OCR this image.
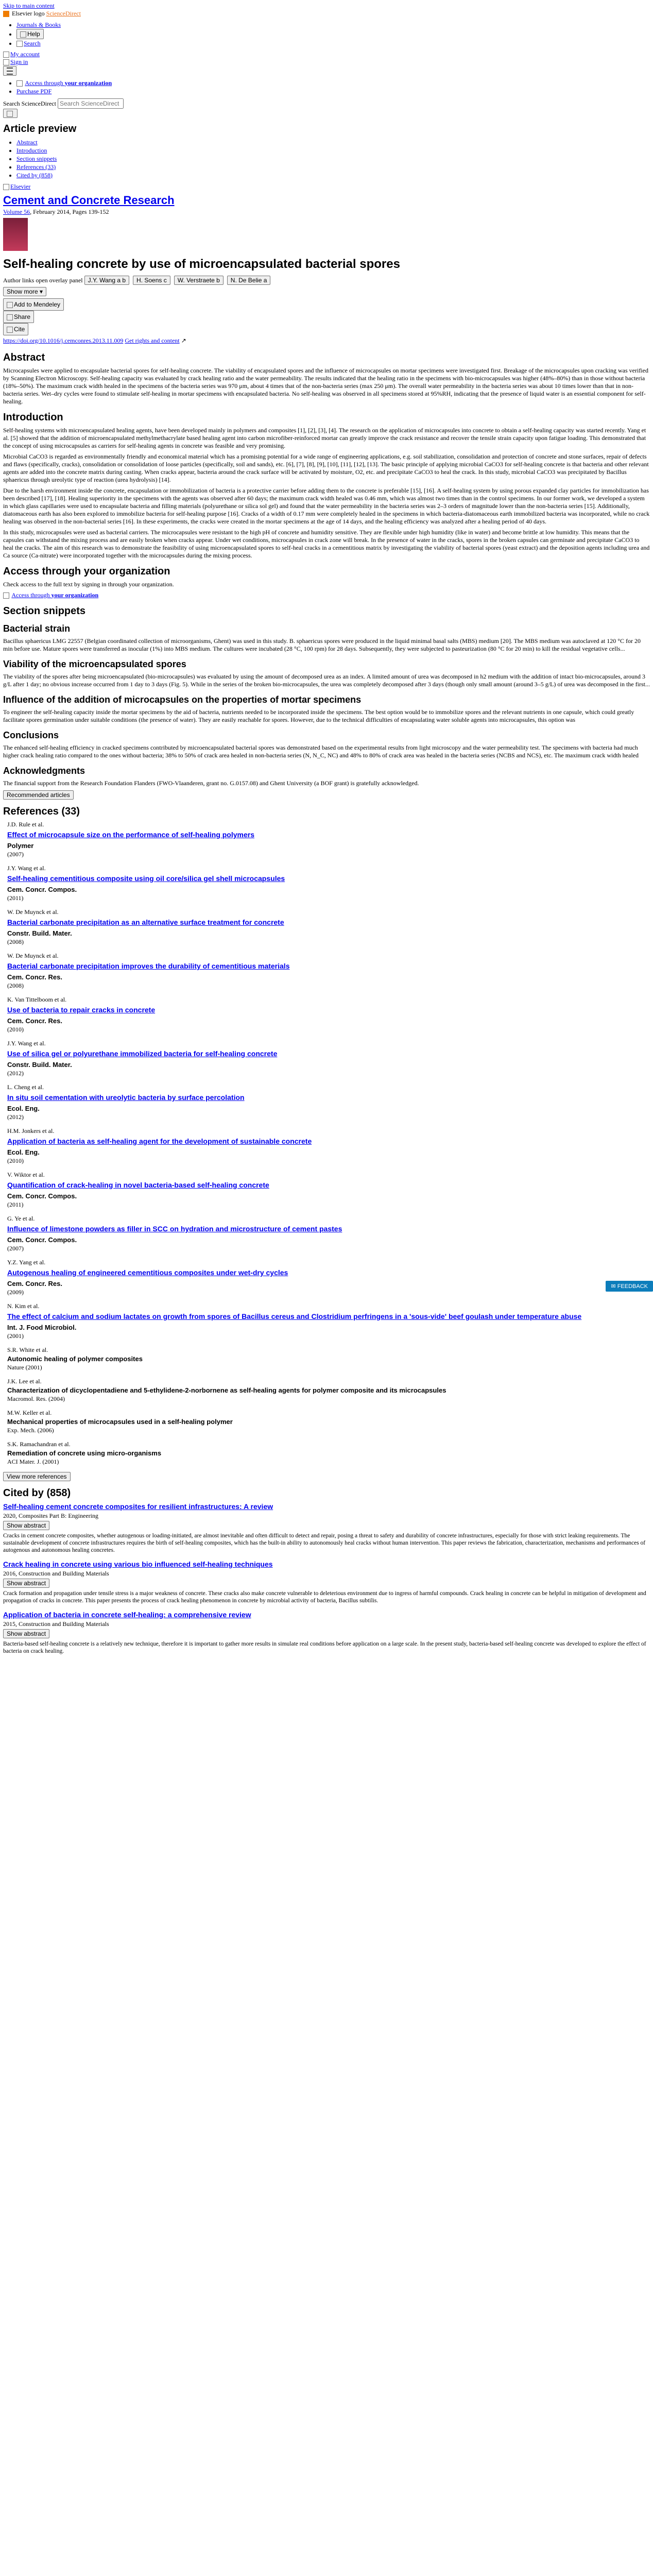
Skip to main content
Elsevier logo ScienceDirect
• Journals & Books
• Help
• Search
My account
Sign in

• Access through your organization
• Purchase PDF
Search ScienceDirect Search ScienceDirect

Article preview
• Abstract
• Introduction
• Section snippets
• References (33)
• Cited by (858)
Elsevier
Cement and Concrete Research
Volume 56, February 2014, Pages 139-152
Self-healing concrete by use of microencapsulated bacterial spores
Author links open overlay panel J.Y. Wang a b H. Soens c W. Verstraete b N. De Belie a
Show more ▾
Add to Mendeley
Share
Cite
https://doi.org/10.1016/j.cemconres.2013.11.009 Get rights and content ↗
Abstract

Microcapsules were applied to encapsulate bacterial spores for self-healing concrete. The viability of encapsulated spores and the influence of microcapsules on mortar specimens were investigated first. Breakage of the microcapsules upon cracking was verified by Scanning Electron Microscopy. Self-healing capacity was evaluated by crack healing ratio and the water permeability. The results indicated that the healing ratio in the specimens with bio-microcapsules was higher (48%–80%) than in those without bacteria (18%–50%). The maximum crack width healed in the specimens of the bacteria series was 970 μm, about 4 times that of the non-bacteria series (max 250 μm). The overall water permeability in the bacteria series was about 10 times lower than that in non-bacteria series. Wet–dry cycles were found to stimulate self-healing in mortar specimens with encapsulated bacteria. No self-healing was observed in all specimens stored at 95%RH, indicating that the presence of liquid water is an essential component for self-healing.

Introduction

Self-healing systems with microencapsulated healing agents, have been developed mainly in polymers and composites [1], [2], [3], [4]. The research on the application of microcapsules into concrete to obtain a self-healing capacity was started recently. Yang et al. [5] showed that the addition of microencapsulated methylmethacrylate based healing agent into carbon microfiber-reinforced mortar can greatly improve the crack resistance and recover the tensile strain capacity upon fatigue loading. This demonstrated that the concept of using microcapsules as carriers for self-healing agents in concrete was feasible and very promising.

Microbial CaCO3 is regarded as environmentally friendly and economical material which has a promising potential for a wide range of engineering applications, e.g. soil stabilization, consolidation and protection of concrete and stone surfaces, repair of defects and flaws (specifically, cracks), consolidation or consolidation of loose particles (specifically, soil and sands), etc. [6], [7], [8], [9], [10], [11], [12], [13]. The basic principle of applying microbial CaCO3 for self-healing concrete is that bacteria and other relevant agents are added into the concrete matrix during casting. When cracks appear, bacteria around the crack surface will be activated by moisture, O2, etc. and precipitate CaCO3 to heal the crack. In this study, microbial CaCO3 was precipitated by Bacillus sphaericus through ureolytic type of reaction (urea hydrolysis) [14].

Due to the harsh environment inside the concrete, encapsulation or immobilization of bacteria is a protective carrier before adding them to the concrete is preferable [15], [16]. A self-healing system by using porous expanded clay particles for immobilization has been described [17], [18]. Healing superiority in the specimens with the agents was observed after 60 days; the maximum crack width healed was 0.46 mm, which was almost two times than in the control specimens. In our former work, we developed a system in which glass capillaries were used to encapsulate bacteria and filling materials (polyurethane or silica sol gel) and found that the water permeability in the bacteria series was 2–3 orders of magnitude lower than the non-bacteria series [15]. Additionally, diatomaceous earth has also been explored to immobilize bacteria for self-healing purpose [16]. Cracks of a width of 0.17 mm were completely healed in the specimens in which bacteria-diatomaceous earth immobilized bacteria was incorporated, while no crack healing was observed in the non-bacterial series [16]. In these experiments, the cracks were created in the mortar specimens at the age of 14 days, and the healing efficiency was analyzed after a healing period of 40 days.

In this study, microcapsules were used as bacterial carriers. The microcapsules were resistant to the high pH of concrete and humidity sensitive. They are flexible under high humidity (like in water) and become brittle at low humidity. This means that the capsules can withstand the mixing process and are easily broken when cracks appear. Under wet conditions, microcapsules in crack zone will break. In the presence of water in the cracks, spores in the broken capsules can germinate and precipitate CaCO3 to heal the cracks. The aim of this research was to demonstrate the feasibility of using microencapsulated spores to self-heal cracks in a cementitious matrix by investigating the viability of bacterial spores (yeast extract) and the deposition agents including urea and Ca source (Ca-nitrate) were incorporated together with the microcapsules during the mixing process.

Access through your organization

Check access to the full text by signing in through your organization.

Access through your organization
Section snippets
Bacterial strain

Bacillus sphaericus LMG 22557 (Belgian coordinated collection of microorganisms, Ghent) was used in this study. B. sphaericus spores were produced in the liquid minimal basal salts (MBS) medium [20]. The MBS medium was autoclaved at 120 °C for 20 min before use. Mature spores were transferred as inocular (1%) into MBS medium. The cultures were incubated (28 °C, 100 rpm) for 28 days. Subsequently, they were subjected to pasteurization (80 °C for 20 min) to kill the residual vegetative cells...

Viability of the microencapsulated spores

The viability of the spores after being microencapsulated (bio-microcapsules) was evaluated by using the amount of decomposed urea as an index. A limited amount of urea was decomposed in h2 medium with the addition of intact bio-microcapsules, around 3 g/L after 1 day; no obvious increase occurred from 1 day to 3 days (Fig. 5). While in the series of the broken bio-microcapsules, the urea was completely decomposed after 3 days (though only small amount (around 3–5 g/L) of urea was decomposed in the first...

Influence of the addition of microcapsules on the properties of mortar specimens

To engineer the self-healing capacity inside the mortar specimens by the aid of bacteria, nutrients needed to be incorporated inside the specimens. The best option would be to immobilize spores and the relevant nutrients in one capsule, which could greatly facilitate spores germination under suitable conditions (the presence of water). They are easily reachable for spores. However, due to the technical difficulties of encapsulating water soluble agents into microcapsules, this option was

Conclusions

The enhanced self-healing efficiency in cracked specimens contributed by microencapsulated bacterial spores was demonstrated based on the experimental results from light microscopy and the water permeability test. The specimens with bacteria had much higher crack healing ratio compared to the ones without bacteria; 38% to 50% of crack area healed in non-bacteria series (N, N_C, NC) and 48% to 80% of crack area was healed in the bacteria series (NCBS and NCS), etc. The maximum crack width healed

Acknowledgments

The financial support from the Research Foundation Flanders (FWO-Vlaanderen, grant no. G.0157.08) and Ghent University (a BOF grant) is gratefully acknowledged.

Recommended articles
References (33)
J.D. Rule et al.
Effect of microcapsule size on the performance of self-healing polymers
Polymer
(2007)
J.Y. Wang et al.
Self-healing cementitious composite using oil core/silica gel shell microcapsules
Cem. Concr. Compos.
(2011)
W. De Muynck et al.
Bacterial carbonate precipitation as an alternative surface treatment for concrete
Constr. Build. Mater.
(2008)
W. De Muynck et al.
Bacterial carbonate precipitation improves the durability of cementitious materials
Cem. Concr. Res.
(2008)
K. Van Tittelboom et al.
Use of bacteria to repair cracks in concrete
Cem. Concr. Res.
(2010)
J.Y. Wang et al.
Use of silica gel or polyurethane immobilized bacteria for self-healing concrete
Constr. Build. Mater.
(2012)
L. Cheng et al.
In situ soil cementation with ureolytic bacteria by surface percolation
Ecol. Eng.
(2012)
H.M. Jonkers et al.
Application of bacteria as self-healing agent for the development of sustainable concrete
Ecol. Eng.
(2010)
V. Wiktor et al.
Quantification of crack-healing in novel bacteria-based self-healing concrete
Cem. Concr. Compos.
(2011)
G. Ye et al.
Influence of limestone powders as filler in SCC on hydration and microstructure of cement pastes
Cem. Concr. Compos.
(2007)
Y.Z. Yang et al.
Autogenous healing of engineered cementitious composites under wet-dry cycles
Cem. Concr. Res.
(2009)
N. Kim et al.
The effect of calcium and sodium lactates on growth from spores of Bacillus cereus and Clostridium perfringens in a 'sous-vide' beef goulash under temperature abuse
Int. J. Food Microbiol.
(2001)
S.R. White et al.
Autonomic healing of polymer composites
Nature (2001)
J.K. Lee et al.
Characterization of dicyclopentadiene and 5-ethylidene-2-norbornene as self-healing agents for polymer composite and its microcapsules
Macromol. Res. (2004)
M.W. Keller et al.
Mechanical properties of microcapsules used in a self-healing polymer
Exp. Mech. (2006)
S.K. Ramachandran et al.
Remediation of concrete using micro-organisms
ACI Mater. J. (2001)
View more references
Cited by (858)
Self-healing cement concrete composites for resilient infrastructures: A review
2020, Composites Part B: Engineering
Show abstract

Cracks in cement concrete composites, whether autogenous or loading-initiated, are almost inevitable and often difficult to detect and repair, posing a threat to safety and durability of concrete infrastructures, especially for those with strict leaking requirements. The sustainable development of concrete infrastructures requires the birth of self-healing composites, which has the built-in ability to autonomously heal cracks without human intervention. This paper reviews the fabrication, characterization, mechanisms and performances of autogenous and autonomous healing concretes.

Crack healing in concrete using various bio influenced self-healing techniques
2016, Construction and Building Materials
Show abstract

Crack formation and propagation under tensile stress is a major weakness of concrete. These cracks also make concrete vulnerable to deleterious environment due to ingress of harmful compounds. Crack healing in concrete can be helpful in mitigation of development and propagation of cracks in concrete. This paper presents the process of crack healing phenomenon in concrete by microbial activity of bacteria, Bacillus subtilis.

Application of bacteria in concrete self-healing: a comprehensive review
2015, Construction and Building Materials
Show abstract

Bacteria-based self-healing concrete is a relatively new technique, therefore it is important to gather more results in simulate real conditions before application on a large scale. In the present study, bacteria-based self-healing concrete was developed to explore the effect of bacteria on crack healing.

✉ FEEDBACK
